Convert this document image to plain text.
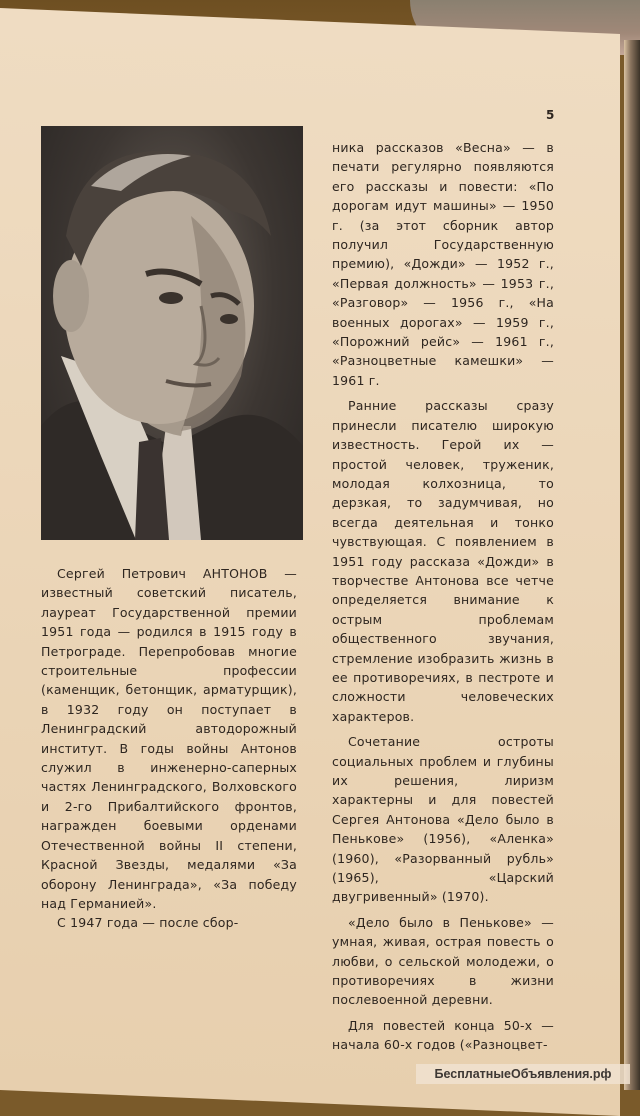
5

Сергей Петрович АНТОНОВ — известный советский писатель, лауреат Государственной премии 1951 года — родился в 1915 году в Петрограде. Перепробовав многие строительные профессии (каменщик, бетонщик, арматурщик), в 1932 году он поступает в Ленинградский автодорожный институт. В годы войны Антонов служил в инженерно-саперных частях Ленинградского, Волховского и 2-го Прибалтийского фронтов, награжден боевыми орденами Отечественной войны II степени, Красной Звезды, медалями «За оборону Ленинграда», «За победу над Германией».

С 1947 года — после сбор-

ника рассказов «Весна» — в печати регулярно появляются его рассказы и повести: «По дорогам идут машины» — 1950 г. (за этот сборник автор получил Государственную премию), «Дожди» — 1952 г., «Первая должность» — 1953 г., «Разговор» — 1956 г., «На военных дорогах» — 1959 г., «Порожний рейс» — 1961 г., «Разноцветные камешки» — 1961 г.

Ранние рассказы сразу принесли писателю широкую известность. Герой их — простой человек, труженик, молодая колхозница, то дерзкая, то задумчивая, но всегда деятельная и тонко чувствующая. С появлением в 1951 году рассказа «Дожди» в творчестве Антонова все четче определяется внимание к острым проблемам общественного звучания, стремление изобразить жизнь в ее противоречиях, в пестроте и сложности человеческих характеров.

Сочетание остроты социальных проблем и глубины их решения, лиризм характерны и для повестей Сергея Антонова «Дело было в Пенькове» (1956), «Аленка» (1960), «Разорванный рубль» (1965), «Царский двугривенный» (1970).

«Дело было в Пенькове» — умная, живая, острая повесть о любви, о сельской молодежи, о противоречиях в жизни послевоенной деревни.

Для повестей конца 50-х — начала 60-х годов («Разноцвет-

БесплатныеОбъявления.рф
